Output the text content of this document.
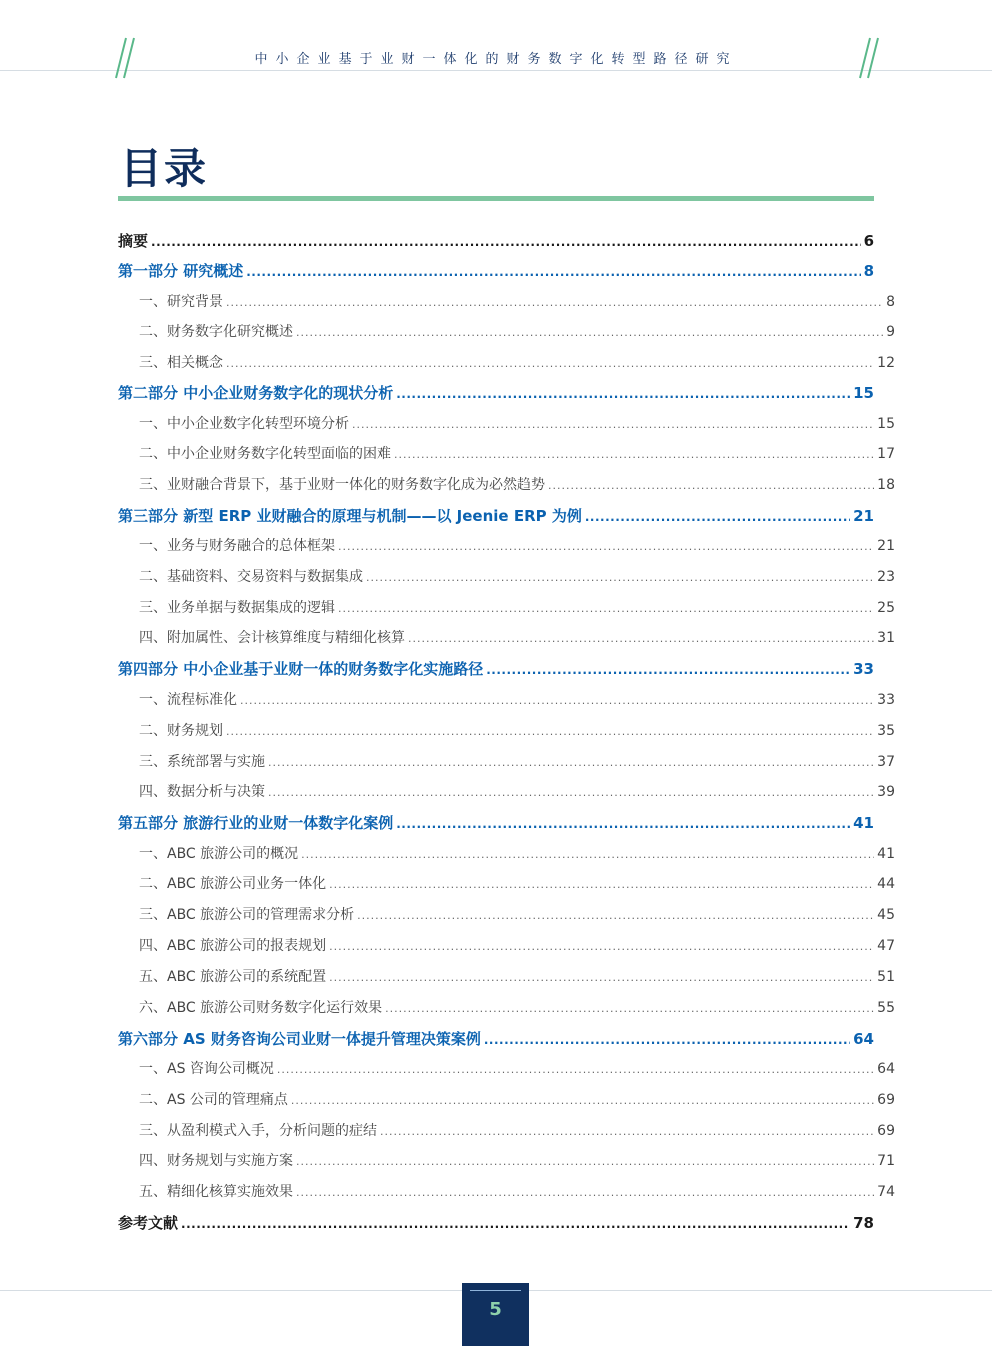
中小企业基于业财一体化的财务数字化转型路径研究
目录
摘要 .....	6
第一部分 研究概述 .....	8
一、研究背景 .....	8
二、财务数字化研究概述 .....	9
三、相关概念 .....	12
第二部分 中小企业财务数字化的现状分析 .....	15
一、中小企业数字化转型环境分析 .....	15
二、中小企业财务数字化转型面临的困难 .....	17
三、业财融合背景下，基于业财一体化的财务数字化成为必然趋势 .....	18
第三部分 新型 ERP 业财融合的原理与机制——以 Jeenie ERP 为例 .....	21
一、业务与财务融合的总体框架 .....	21
二、基础资料、交易资料与数据集成 .....	23
三、业务单据与数据集成的逻辑 .....	25
四、附加属性、会计核算维度与精细化核算 .....	31
第四部分 中小企业基于业财一体的财务数字化实施路径 .....	33
一、流程标准化 .....	33
二、财务规划 .....	35
三、系统部署与实施 .....	37
四、数据分析与决策 .....	39
第五部分 旅游行业的业财一体数字化案例 .....	41
一、ABC 旅游公司的概况 .....	41
二、ABC 旅游公司业务一体化 .....	44
三、ABC 旅游公司的管理需求分析 .....	45
四、ABC 旅游公司的报表规划 .....	47
五、ABC 旅游公司的系统配置 .....	51
六、ABC 旅游公司财务数字化运行效果 .....	55
第六部分 AS 财务咨询公司业财一体提升管理决策案例 .....	64
一、AS 咨询公司概况 .....	64
二、AS 公司的管理痛点 .....	69
三、从盈利模式入手，分析问题的症结 .....	69
四、财务规划与实施方案 .....	71
五、精细化核算实施效果 .....	74
参考文献 .....	78
5
